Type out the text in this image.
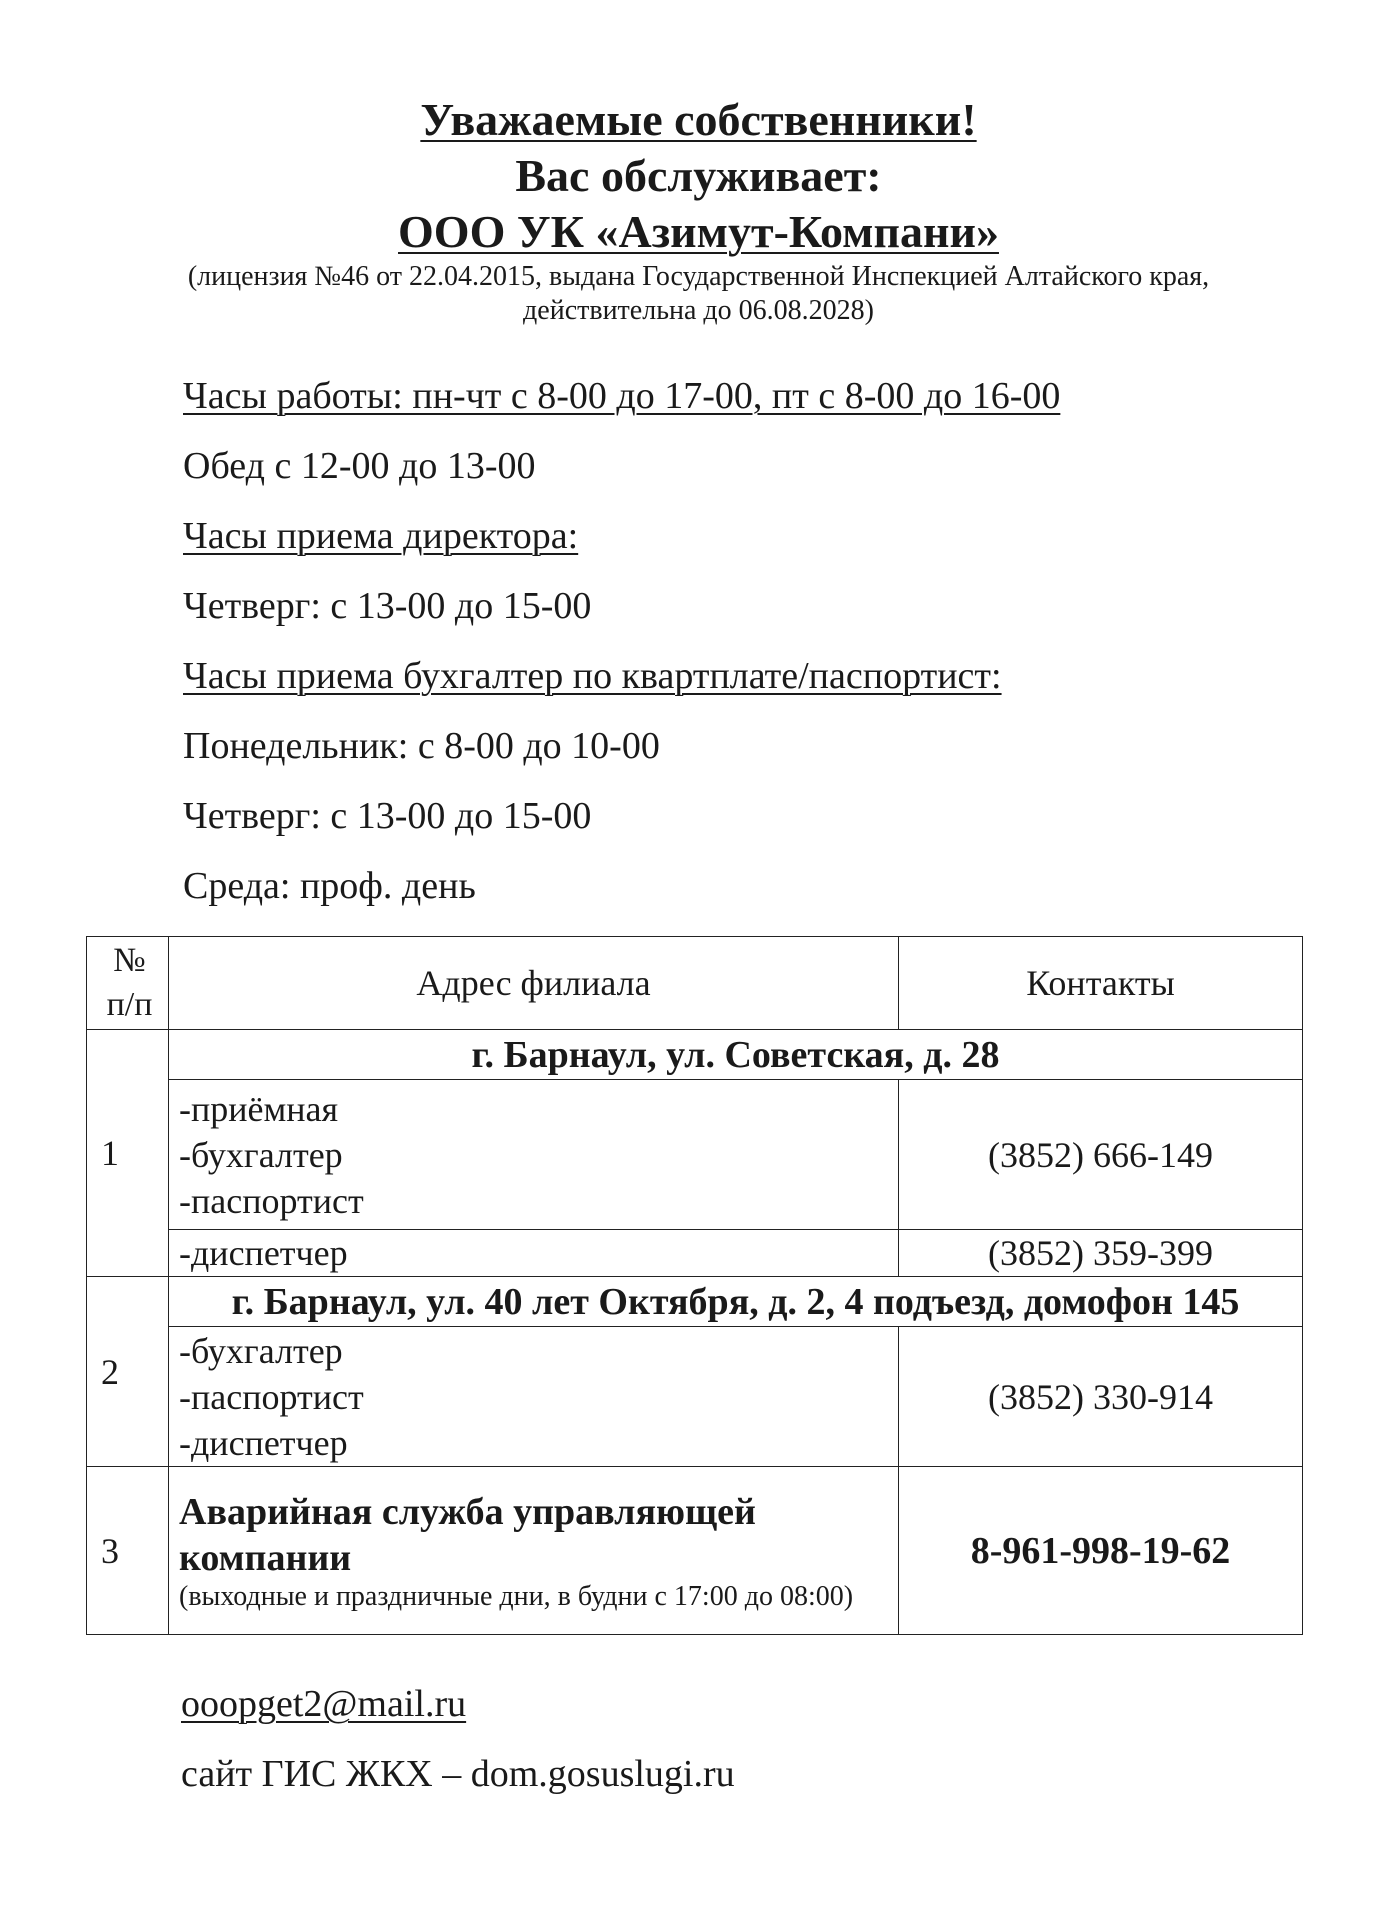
Уважаемые собственники!
Вас обслуживает:
ООО УК «Азимут-Компани»
(лицензия №46 от 22.04.2015, выдана Государственной Инспекцией Алтайского края,
действительна до 06.08.2028)
Часы работы: пн-чт с 8-00 до 17-00, пт с 8-00 до 16-00
Обед с 12-00 до 13-00
Часы приема директора:
Четверг: с 13-00 до 15-00
Часы приема бухгалтер по квартплате/паспортист:
Понедельник: с 8-00 до 10-00
Четверг: с 13-00 до 15-00
Среда: проф. день
№
п/п	Адрес филиала	Контакты
1	г. Барнаул, ул. Советская, д. 28	

	-приёмная
-бухгалтер
-паспортист	(3852) 666-149
	-диспетчер	(3852) 359-399
2	г. Барнаул, ул. 40 лет Октября, д. 2, 4 подъезд, домофон 145	

	-бухгалтер
-паспортист
-диспетчер	(3852) 330-914
3	Аварийная служба управляющей
компании
(выходные и праздничные дни, в будни с 17:00 до 08:00)	8-961-998-19-62
ooopget2@mail.ru
сайт ГИС ЖКХ – dom.gosuslugi.ru
